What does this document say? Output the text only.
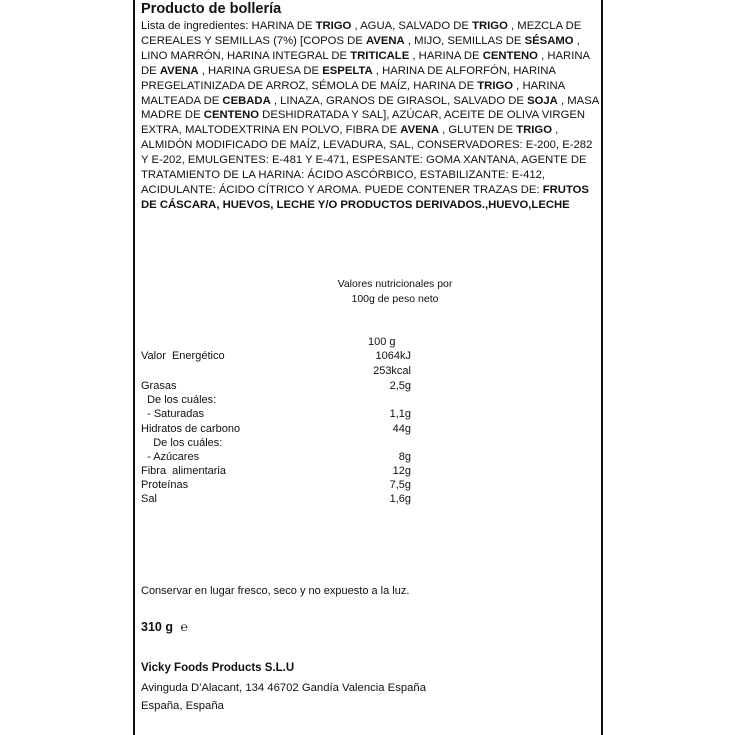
Producto de bollería
Lista de ingredientes: HARINA DE TRIGO , AGUA, SALVADO DE TRIGO , MEZCLA DE CEREALES Y SEMILLAS (7%) [COPOS DE AVENA , MIJO, SEMILLAS DE SÉSAMO , LINO MARRÓN, HARINA INTEGRAL DE TRITICALE , HARINA DE CENTENO , HARINA DE AVENA , HARINA GRUESA DE ESPELTA , HARINA DE ALFORFÓN, HARINA PREGELATINIZADA DE ARROZ, SÉMOLA DE MAÍZ, HARINA DE TRIGO , HARINA MALTEADA DE CEBADA , LINAZA, GRANOS DE GIRASOL, SALVADO DE SOJA , MASA MADRE DE CENTENO DESHIDRATADA Y SAL], AZÚCAR, ACEITE DE OLIVA VIRGEN EXTRA, MALTODEXTRINA EN POLVO, FIBRA DE AVENA , GLUTEN DE TRIGO , ALMIDÓN MODIFICADO DE MAÍZ, LEVADURA, SAL, CONSERVADORES: E-200, E-282 Y E-202, EMULGENTES: E-481 Y E-471, ESPESANTE: GOMA XANTANA, AGENTE DE TRATAMIENTO DE LA HARINA: ÁCIDO ASCÓRBICO, ESTABILIZANTE: E-412, ACIDULANTE: ÁCIDO CÍTRICO Y AROMA. PUEDE CONTENER TRAZAS DE: FRUTOS DE CÁSCARA, HUEVOS, LECHE Y/O PRODUCTOS DERIVADOS.,HUEVO,LECHE
Valores nutricionales por
100g de peso neto
100 g
Valor  Energético	1064kJ
253kcal
Grasas	2,5g
De los cuáles:
- Saturadas	1,1g
Hidratos de carbono	44g
De los cuáles:
- Azúcares	8g
Fibra  alimentaria	12g
Proteínas	7,5g
Sal	1,6g
Conservar en lugar fresco, seco y no expuesto a la luz.
310 g ℮
Vicky Foods Products S.L.U
Avinguda D'Alacant, 134 46702 Gandía Valencia España
España, España
